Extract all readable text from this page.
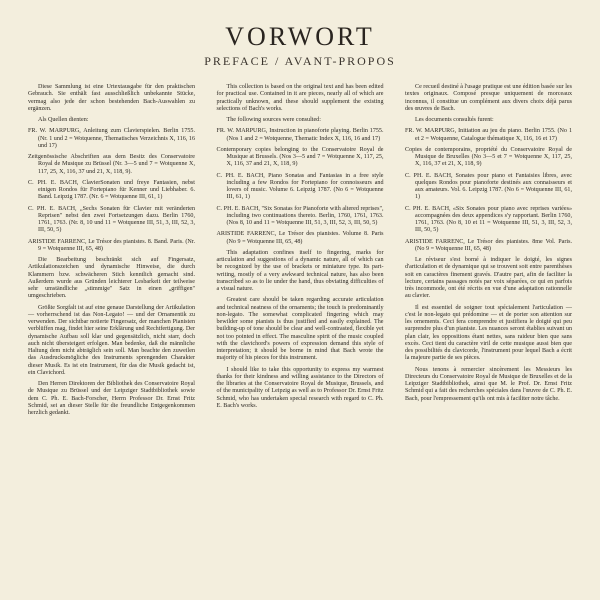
VORWORT
PREFACE / AVANT-PROPOS

Diese Sammlung ist eine Urtextausgabe für den praktischen Gebrauch. Sie enthält fast ausschließlich unbekannte Stücke, vermag also jede der schon bestehenden Bach-Auswahlen zu ergänzen.

Als Quellen dienten:

FR. W. MARPURG, Anleitung zum Clavierspielen. Berlin 1755. (Nr. 1 und 2 = Wotquenne, Thematisches Verzeichnis X, 116, 16 und 17)
Zeitgenössische Abschriften aus dem Besitz des Conservatoire Royal de Musique zu Brüssel (Nr. 3—5 und 7 = Wotquenne X, 117, 25, X, 116, 37 und 21, X, 118, 9).
C. PH. E. BACH, ClavierSonaten und freye Fantasien, nebst einigen Rondos für Fortepiano für Kenner und Liebhaber. 6. Band. Leipzig 1787. (Nr. 6 = Wotquenne III, 61, 1)
C. PH. E. BACH, „Sechs Sonaten für Clavier mit veränderten Reprisen" nebst den zwei Fortsetzungen dazu. Berlin 1760, 1761, 1763. (Nr. 8, 10 und 11 = Wotquenne III, 51, 3, III, 52, 3, III, 50, 5)
ARISTIDE FARRENC, Le Trésor des pianistes. 8. Band. Paris. (Nr. 9 = Wotquenne III, 65, 48)

Die Bearbeitung beschränkt sich auf Fingersatz, Artikulationszeichen und dynamische Hinweise, die durch Klammern bzw. schwächeren Stich kenntlich gemacht sind. Außerdem wurde aus Gründen leichterer Lesbarkeit der teilweise sehr umständliche „stimmige" Satz in einen „griffigen" umgeschrieben.

Größte Sorgfalt ist auf eine genaue Darstellung der Artikulation — vorherrschend ist das Non-Legato! — und der Ornamentik zu verwenden. Der sichtbar notierte Fingersatz, der manchen Pianisten verblüffen mag, findet hier seine Erklärung und Rechtfertigung. Der dynamische Aufbau soll klar und gegensätzlich, nicht starr, doch auch nicht übersteigert erfolgen. Man bedenke, daß die männliche Haltung dem nicht abträglich sein soll. Man beachte den zuweilen das Ausdrucksmögliche des Instruments sprengenden Charakter dieser Musik. Es ist ein Instrument, für das die Musik gedacht ist, ein Clavichord.

Den Herren Direktoren der Bibliothek des Conservatoire Royal de Musique zu Brüssel und der Leipziger Stadtbibliothek sowie dem C. Ph. E. Bach-Forscher, Herrn Professor Dr. Ernst Fritz Schmid, sei an dieser Stelle für die freundliche Entgegenkommen herzlich gedankt.

This collection is based on the original text and has been edited for practical use. Contained in it are pieces, nearly all of which are practically unknown, and these should supplement the existing selections of Bach's works.

The following sources were consulted:

FR. W. MARPURG, Instruction in pianoforte playing. Berlin 1755. (Nos 1 and 2 = Wotquenne, Thematic Index X, 116, 16 and 17)
Contemporary copies belonging to the Conservatoire Royal de Musique at Brussels. (Nos 3—5 and 7 = Wotquenne X, 117, 25, X, 116, 37 and 21, X, 118, 9)
C. PH. E. BACH, Piano Sonatas and Fantasias in a free style including a few Rondos for Fortepiano for connoisseurs and lovers of music. Volume 6. Leipzig 1787. (No 6 = Wotquenne III, 61, 1)
C. PH. E. BACH, "Six Sonatas for Pianoforte with altered reprises", including two continuations thereto. Berlin, 1760, 1761, 1763. (Nos 8, 10 and 11 = Wotquenne III, 51, 3, III, 52, 3, III, 50, 5)
ARISTIDE FARRENC, Le Trésor des pianistes. Volume 8. Paris (No 9 = Wotquenne III, 65, 48)

This adaptation confines itself to fingering, marks for articulation and suggestions of a dynamic nature, all of which can be recognized by the use of brackets or miniature type. Its part-writing, mostly of a very awkward technical nature, has also been transcribed so as to lie under the hand, thus obviating difficulties of a visual nature.

Greatest care should be taken regarding accurate articulation and technical neatness of the ornaments; the touch is predominantly non-legato. The somewhat complicated fingering which may bewilder some pianists is thus justified and easily explained. The building-up of tone should be clear and well-contrasted, flexible yet not too pointed in effect. The masculine spirit of the music coupled with the clavichord's powers of expression demand this style of interpretation; it should be borne in mind that Bach wrote the majority of his pieces for this instrument.

I should like to take this opportunity to express my warmest thanks for their kindness and willing assistance to the Directors of the libraries at the Conservatoire Royal de Musique, Brussels, and of the municipality of Leipzig as well as to Professor Dr. Ernst Fritz Schmid, who has undertaken special research with regard to C. Ph. E. Bach's works.

Ce recueil destiné à l'usage pratique est une édition basée sur les textes originaux. Composé presque uniquement de morceaux inconnus, il constitue un complément aux divers choix déjà parus des œuvres de Bach.

Les documents consultés furent:

FR. W. MARPURG, Initiation au jeu du piano. Berlin 1755. (No 1 et 2 = Wotquenne, Catalogue thématique X, 116, 16 et 17)
Copies de contemporains, propriété du Conservatoire Royal de Musique de Bruxelles (No 3—5 et 7 = Wotquenne X, 117, 25, X, 116, 37 et 21, X, 118, 9)
C. PH. E. BACH, Sonates pour piano et Fantaisies libres, avec quelques Rondos pour pianoforte destinés aux connaisseurs et aux amateurs. Vol. 6. Leipzig 1787. (No 6 = Wotquenne III, 61, 1)
C. PH. E. BACH, «Six Sonates pour piano avec reprises variées» accompagnées des deux appendices s'y rapportant. Berlin 1760, 1761, 1763. (No 8, 10 et 11 = Wotquenne III, 51, 3, III, 52, 3, III, 50, 5)
ARISTIDE FARRENC, Le Trésor des pianistes. 8me Vol. Paris. (No 9 = Wotquenne III, 65, 48)

Le réviseur s'est borné à indiquer le doigté, les signes d'articulation et de dynamique qui se trouvent soit entre parenthèses soit en caractères finement gravés. D'autre part, afin de faciliter la lecture, certains passages notés par voix séparées, ce qui en parfois très incommode, ont été récrits en vue d'une adaptation rationnelle au clavier.

Il est essentiel de soigner tout spécialement l'articulation — c'est le non-legato qui prédomine — et de porter son attention sur les ornements. Ceci fera comprendre et justifiera le doigté qui peu surprendre plus d'un pianiste. Les nuances seront établies suivant un plan clair, les oppositions étant nettes, sans raideur bien que sans excès. Ceci tient du caractère viril de cette musique aussi bien que des possibilités du clavicorde, l'instrument pour lequel Bach a écrit la majeure partie de ses pièces.

Nous tenons à remercier sincèrement les Messieurs les Directeurs du Conservatoire Royal de Musique de Bruxelles et de la Leipziger Stadtbibliothek, ainsi que M. le Prof. Dr. Ernst Fritz Schmid qui a fait des recherches spéciales dans l'œuvre de C. Ph. E. Bach, pour l'empressement qu'ils ont mis à faciliter notre tâche.
